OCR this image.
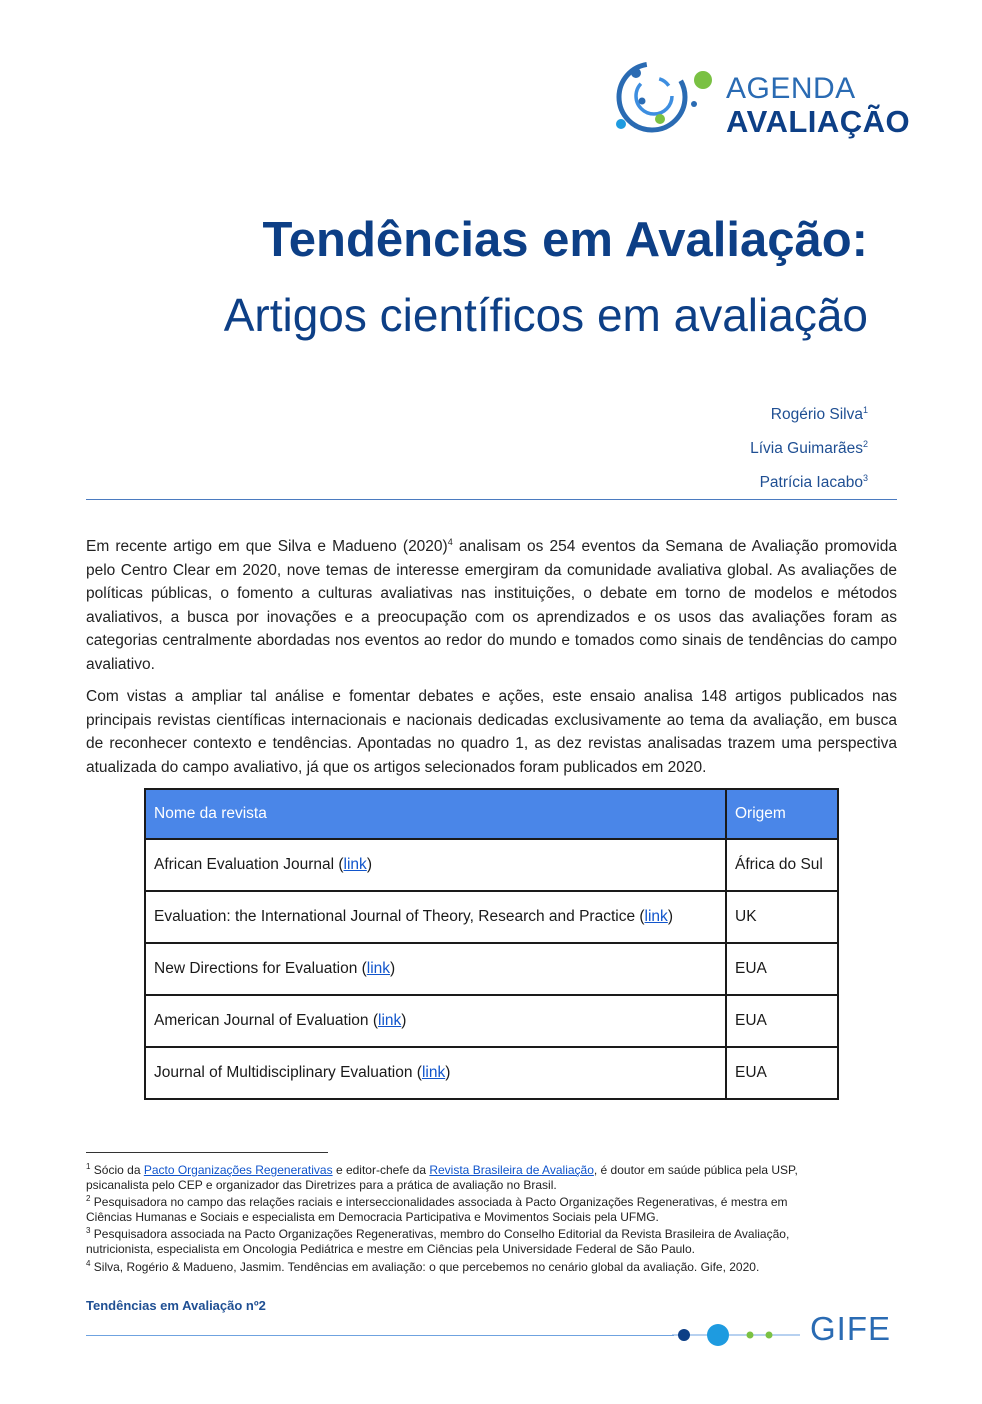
AGENDA
AVALIAÇÃO
Tendências em Avaliação:
Artigos científicos em avaliação
Rogério Silva$^1$
Lívia Guimarães$^2$
Patrícia Iacabo$^3$
Em recente artigo em que Silva e Madueno $(2020)^4$ analisam os 254 eventos da Semana de Avaliação promovida pelo Centro Clear em 2020, nove temas de interesse emergiram da comunidade avaliativa global. As avaliações de políticas públicas, o fomento a culturas avaliativas nas instituições, o debate em torno de modelos e métodos avaliativos, a busca por inovações e a preocupação com os aprendizados e os usos das avaliações foram as categorias centralmente abordadas nos eventos ao redor do mundo e tomados como sinais de tendências do campo avaliativo.
Com vistas a ampliar tal análise e fomentar debates e ações, este ensaio analisa 148 artigos publicados nas principais revistas científicas internacionais e nacionais dedicadas exclusivamente ao tema da avaliação, em busca de reconhecer contexto e tendências. Apontadas no quadro 1, as dez revistas analisadas trazem uma perspectiva atualizada do campo avaliativo, já que os artigos selecionados foram publicados em 2020.
Nome da revista	Origem
African Evaluation Journal (link)	África do Sul
Evaluation: the International Journal of Theory, Research and Practice (link)	UK
New Directions for Evaluation (link)	EUA
American Journal of Evaluation (link)	EUA
Journal of Multidisciplinary Evaluation (link)	EUA
$^1$ Sócio da Pacto Organizações Regenerativas e editor-chefe da Revista Brasileira de Avaliação, é doutor em saúde pública pela USP,
psicanalista pelo CEP e organizador das Diretrizes para a prática de avaliação no Brasil.
$^2$ Pesquisadora no campo das relações raciais e interseccionalidades associada à Pacto Organizações Regenerativas, é mestra em
Ciências Humanas e Sociais e especialista em Democracia Participativa e Movimentos Sociais pela UFMG.
$^3$ Pesquisadora associada na Pacto Organizações Regenerativas, membro do Conselho Editorial da Revista Brasileira de Avaliação,
nutricionista, especialista em Oncologia Pediátrica e mestre em Ciências pela Universidade Federal de São Paulo.
$^4$ Silva, Rogério & Madueno, Jasmim. Tendências em avaliação: o que percebemos no cenário global da avaliação. Gife, 2020.
Tendências em Avaliação nº2
GIFE
